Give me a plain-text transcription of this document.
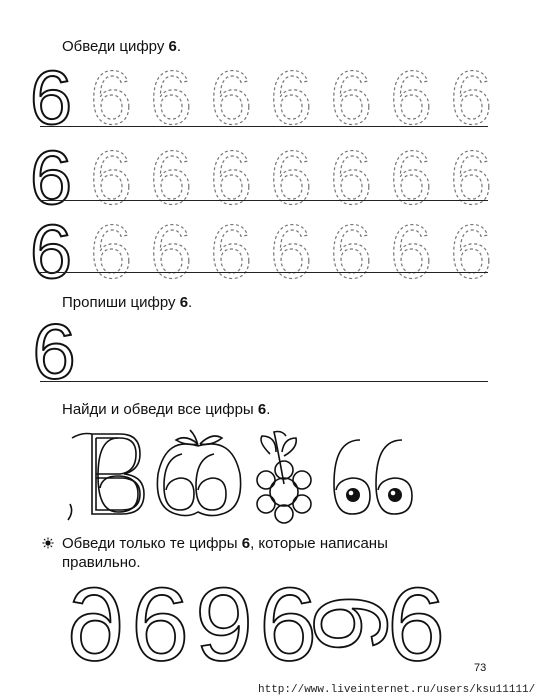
Обведи цифру 6.
6 6 6 6 6 6 6 6
6 6 6 6 6 6 6 6
6 6 6 6 6 6 6 6
Пропиши цифру 6.
6
Найди и обведи все цифры 6.
Обведи только те цифры 6, которые написаны
правильно.
6 6 9 6
6
6	73
http://www.liveinternet.ru/users/ksu11111/
